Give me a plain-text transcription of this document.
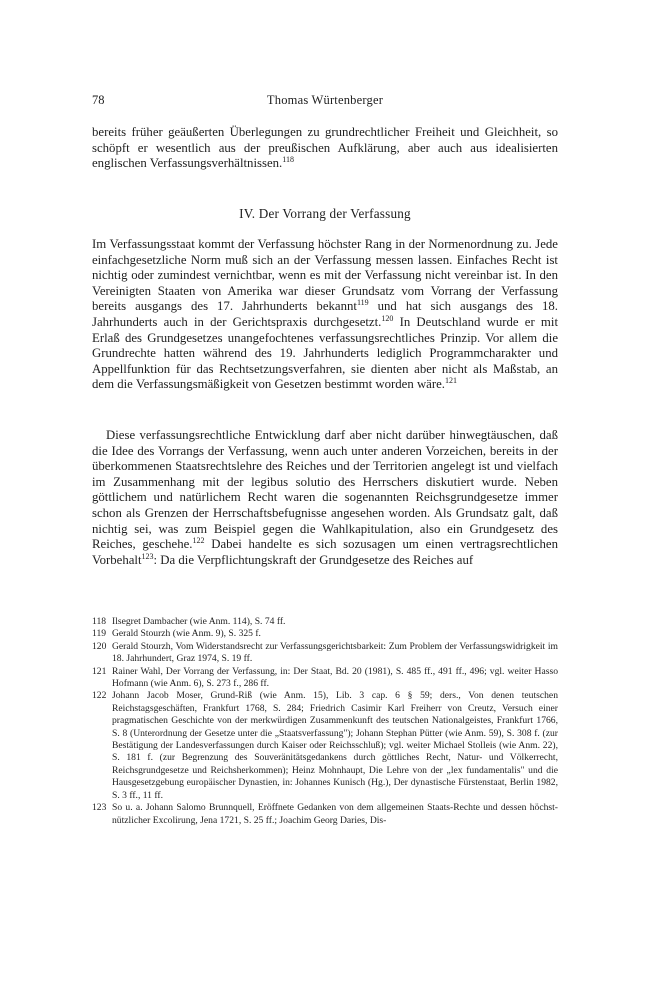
78	Thomas Würtenberger

bereits früher geäußerten Überlegungen zu grundrechtlicher Freiheit und Gleichheit, so schöpft er wesentlich aus der preußischen Aufklärung, aber auch aus idealisierten englischen Verfassungsverhältnissen.$^{118}$

IV. Der Vorrang der Verfassung

Im Verfassungsstaat kommt der Verfassung höchster Rang in der Normenordnung zu. Jede einfachgesetzliche Norm muß sich an der Verfassung messen lassen. Einfaches Recht ist nichtig oder zumindest vernichtbar, wenn es mit der Verfassung nicht vereinbar ist. In den Vereinigten Staaten von Amerika war dieser Grundsatz vom Vorrang der Verfassung bereits ausgangs des 17. Jahrhunderts bekannt$^{119}$ und hat sich ausgangs des 18. Jahrhunderts auch in der Gerichtspraxis durchgesetzt.$^{120}$ In Deutschland wurde er mit Erlaß des Grundgesetzes unangefochtenes verfassungsrechtliches Prinzip. Vor allem die Grundrechte hatten während des 19. Jahrhunderts lediglich Programmcharakter und Appellfunktion für das Rechtsetzungsverfahren, sie dienten aber nicht als Maßstab, an dem die Verfassungsmäßigkeit von Gesetzen bestimmt worden wäre.$^{121}$

Diese verfassungsrechtliche Entwicklung darf aber nicht darüber hinwegtäuschen, daß die Idee des Vorrangs der Verfassung, wenn auch unter anderen Vorzeichen, bereits in der überkommenen Staatsrechtslehre des Reiches und der Territorien angelegt ist und vielfach im Zusammenhang mit der legibus solutio des Herrschers diskutiert wurde. Neben göttlichem und natürlichem Recht waren die sogenannten Reichsgrundgesetze immer schon als Grenzen der Herrschaftsbefugnisse angesehen worden. Als Grundsatz galt, daß nichtig sei, was zum Beispiel gegen die Wahlkapitulation, also ein Grundgesetz des Reiches, geschehe.$^{122}$ Dabei handelte es sich sozusagen um einen vertragsrechtlichen Vorbehalt$^{123}$: Da die Verpflichtungskraft der Grundgesetze des Reiches auf

118 Ilsegret Dambacher (wie Anm. 114), S. 74 ff.
119 Gerald Stourzh (wie Anm. 9), S. 325 f.
120 Gerald Stourzh, Vom Widerstandsrecht zur Verfassungsgerichtsbarkeit: Zum Problem der Verfassungswidrigkeit im 18. Jahrhundert, Graz 1974, S. 19 ff.
121 Rainer Wahl, Der Vorrang der Verfassung, in: Der Staat, Bd. 20 (1981), S. 485 ff., 491 ff., 496; vgl. weiter Hasso Hofmann (wie Anm. 6), S. 273 f., 286 ff.
122 Johann Jacob Moser, Grund-Riß (wie Anm. 15), Lib. 3 cap. 6 § 59; ders., Von denen teutschen Reichstagsgeschäften, Frankfurt 1768, S. 284; Friedrich Casimir Karl Freiherr von Creutz, Versuch einer pragmatischen Geschichte von der merkwürdigen Zusammenkunft des teutschen Nationalgeistes, Frankfurt 1766, S. 8 (Unterordnung der Gesetze unter die „Staatsverfassung"); Johann Stephan Pütter (wie Anm. 59), S. 308 f. (zur Bestätigung der Landesverfassungen durch Kaiser oder Reichsschluß); vgl. weiter Michael Stolleis (wie Anm. 22), S. 181 f. (zur Begrenzung des Souveränitätsgedankens durch göttliches Recht, Natur- und Völkerrecht, Reichsgrundgesetze und Reichsherkommen); Heinz Mohnhaupt, Die Lehre von der „lex fundamentalis" und die Hausgesetzgebung europäischer Dynastien, in: Johannes Kunisch (Hg.), Der dynastische Fürstenstaat, Berlin 1982, S. 3 ff., 11 ff.
123 So u. a. Johann Salomo Brunnquell, Eröffnete Gedanken von dem allgemeinen Staats-Rechte und dessen höchst-nützlicher Excolirung, Jena 1721, S. 25 ff.; Joachim Georg Daries, Dis-
